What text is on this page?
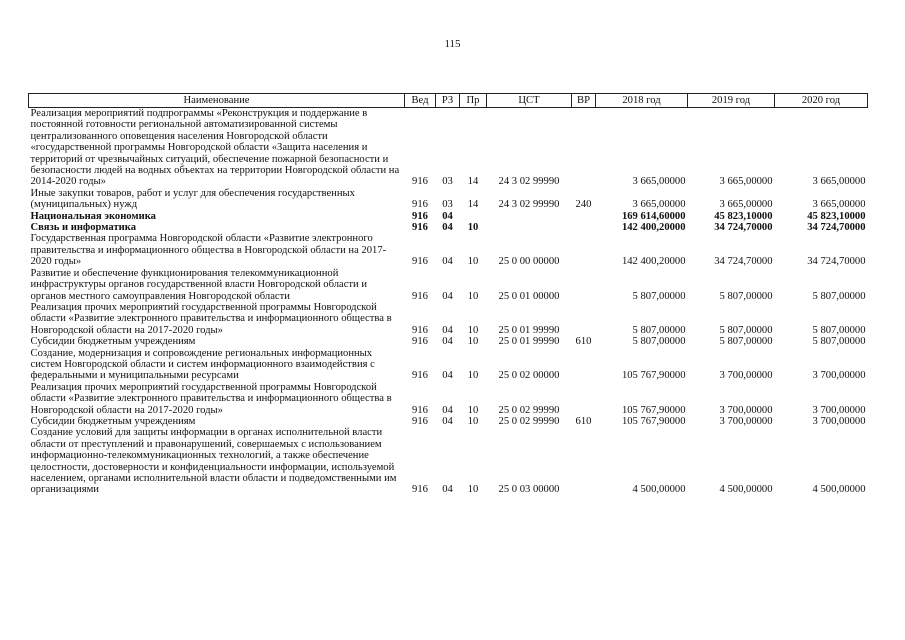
115
Наименование	Вед	РЗ	Пр	ЦСТ	ВР	2018 год	2019 год	2020 год
Реализация мероприятий подпрограммы «Реконструкция и поддержание в постоянной готовности региональной автоматизированной системы централизованного оповещения населения Новгородской области «государственной программы Новгородской области «Защита населения и территорий от чрезвычайных ситуаций, обеспечение пожарной безопасности и безопасности людей на водных объектах на территории Новгородской области на 2014-2020 годы»	916	03	14	24 3 02 99990		3 665,00000	3 665,00000	3 665,00000
Иные закупки товаров, работ и услуг для обеспечения государственных (муниципальных) нужд	916	03	14	24 3 02 99990	240	3 665,00000	3 665,00000	3 665,00000
Национальная экономика	916	04				169 614,60000	45 823,10000	45 823,10000
Связь и информатика	916	04	10			142 400,20000	34 724,70000	34 724,70000
Государственная программа Новгородской области «Развитие электронного правительства и информационного общества в Новгородской области на 2017-2020 годы»	916	04	10	25 0 00 00000		142 400,20000	34 724,70000	34 724,70000
Развитие и обеспечение функционирования телекоммуникационной инфраструктуры органов государственной власти Новгородской области и органов местного самоуправления Новгородской области	916	04	10	25 0 01 00000		5 807,00000	5 807,00000	5 807,00000
Реализация прочих мероприятий государственной программы Новгородской области «Развитие электронного правительства и информационного общества в Новгородской области на 2017-2020 годы»	916	04	10	25 0 01 99990		5 807,00000	5 807,00000	5 807,00000
Субсидии бюджетным учреждениям	916	04	10	25 0 01 99990	610	5 807,00000	5 807,00000	5 807,00000
Создание, модернизация и сопровождение региональных информационных систем Новгородской области и систем информационного взаимодействия с федеральными и муниципальными ресурсами	916	04	10	25 0 02 00000		105 767,90000	3 700,00000	3 700,00000
Реализация прочих мероприятий государственной программы Новгородской области «Развитие электронного правительства и информационного общества в Новгородской области на 2017-2020 годы»	916	04	10	25 0 02 99990		105 767,90000	3 700,00000	3 700,00000
Субсидии бюджетным учреждениям	916	04	10	25 0 02 99990	610	105 767,90000	3 700,00000	3 700,00000
Создание условий для защиты информации в органах исполнительной власти области от преступлений и правонарушений, совершаемых с использованием информационно-телекоммуникационных технологий, а также обеспечение целостности, достоверности и конфиденциальности информации, используемой населением, органами исполнительной власти области и подведомственными им организациями	916	04	10	25 0 03 00000		4 500,00000	4 500,00000	4 500,00000
